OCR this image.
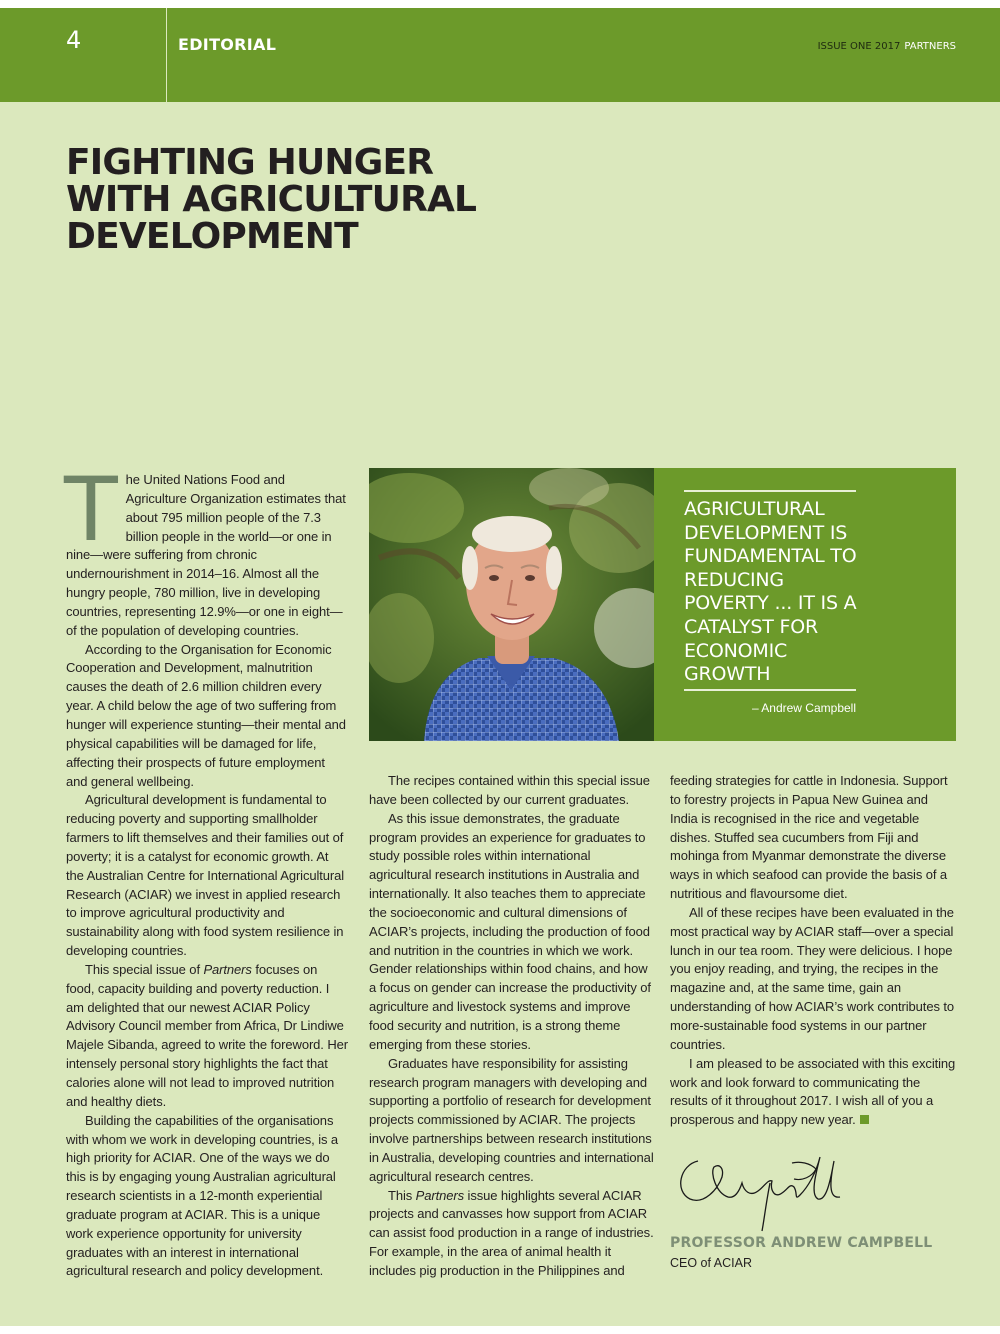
4	EDITORIAL	ISSUE ONE 2017 PARTNERS
FIGHTING HUNGER
WITH AGRICULTURAL
DEVELOPMENT

The United Nations Food and Agriculture Organization estimates that about 795 million people of the 7.3 billion people in the world—or one in nine—were suffering from chronic undernourishment in 2014–16. Almost all the hungry people, 780 million, live in developing countries, representing 12.9%—or one in eight—of the population of developing countries.

According to the Organisation for Economic Cooperation and Development, malnutrition causes the death of 2.6 million children every year. A child below the age of two suffering from hunger will experience stunting—their mental and physical capabilities will be damaged for life, affecting their prospects of future employment and general wellbeing.

Agricultural development is fundamental to reducing poverty and supporting smallholder farmers to lift themselves and their families out of poverty; it is a catalyst for economic growth. At the Australian Centre for International Agricultural Research (ACIAR) we invest in applied research to improve agricultural productivity and sustainability along with food system resilience in developing countries.

This special issue of Partners focuses on food, capacity building and poverty reduction. I am delighted that our newest ACIAR Policy Advisory Council member from Africa, Dr Lindiwe Majele Sibanda, agreed to write the foreword. Her intensely personal story highlights the fact that calories alone will not lead to improved nutrition and healthy diets.

Building the capabilities of the organisations with whom we work in developing countries, is a high priority for ACIAR. One of the ways we do this is by engaging young Australian agricultural research scientists in a 12-month experiential graduate program at ACIAR. This is a unique work experience opportunity for university graduates with an interest in international agricultural research and policy development.

AGRICULTURAL DEVELOPMENT IS FUNDAMENTAL TO REDUCING POVERTY ... IT IS A CATALYST FOR ECONOMIC GROWTH
– Andrew Campbell

The recipes contained within this special issue have been collected by our current graduates.

As this issue demonstrates, the graduate program provides an experience for graduates to study possible roles within international agricultural research institutions in Australia and internationally. It also teaches them to appreciate the socioeconomic and cultural dimensions of ACIAR’s projects, including the production of food and nutrition in the countries in which we work. Gender relationships within food chains, and how a focus on gender can increase the productivity of agriculture and livestock systems and improve food security and nutrition, is a strong theme emerging from these stories.

Graduates have responsibility for assisting research program managers with developing and supporting a portfolio of research for development projects commissioned by ACIAR. The projects involve partnerships between research institutions in Australia, developing countries and international agricultural research centres.

This Partners issue highlights several ACIAR projects and canvasses how support from ACIAR can assist food production in a range of industries. For example, in the area of animal health it includes pig production in the Philippines and

feeding strategies for cattle in Indonesia. Support to forestry projects in Papua New Guinea and India is recognised in the rice and vegetable dishes. Stuffed sea cucumbers from Fiji and mohinga from Myanmar demonstrate the diverse ways in which seafood can provide the basis of a nutritious and flavoursome diet.

All of these recipes have been evaluated in the most practical way by ACIAR staff—over a special lunch in our tea room. They were delicious. I hope you enjoy reading, and trying, the recipes in the magazine and, at the same time, gain an understanding of how ACIAR’s work contributes to more-sustainable food systems in our partner countries.

I am pleased to be associated with this exciting work and look forward to communicating the results of it throughout 2017. I wish all of you a prosperous and happy new year.

PROFESSOR ANDREW CAMPBELL
CEO of ACIAR
